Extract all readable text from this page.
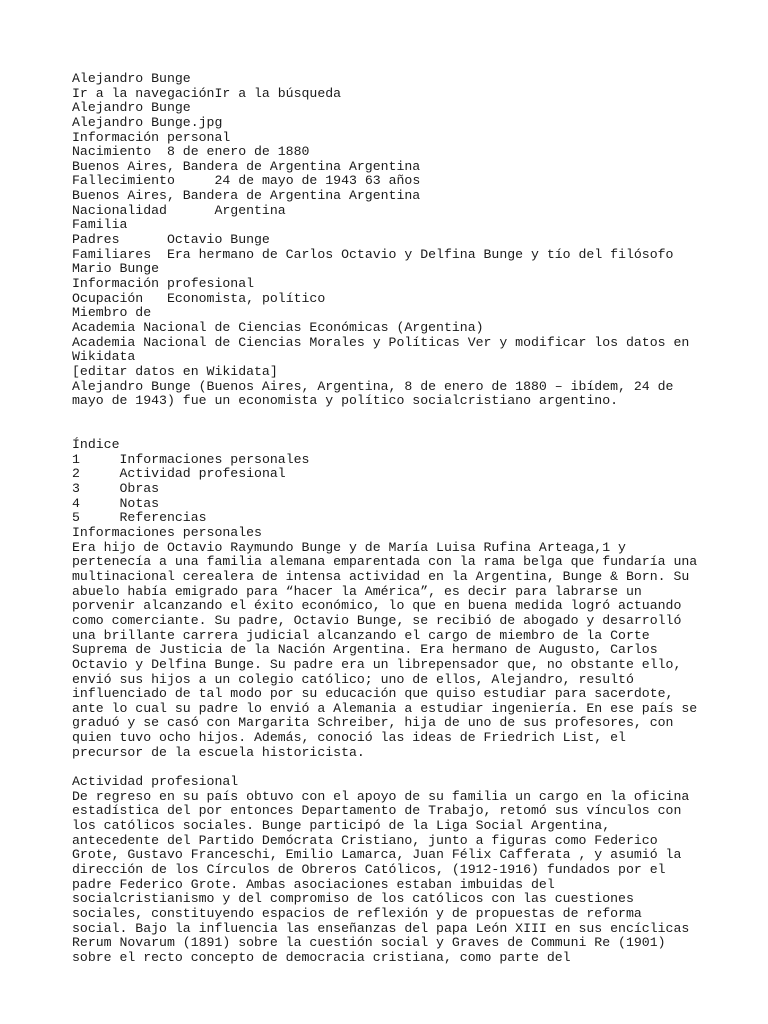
Alejandro Bunge
Ir a la navegaciónIr a la búsqueda
Alejandro Bunge
Alejandro Bunge.jpg
Información personal
Nacimiento 8 de enero de 1880
Buenos Aires, Bandera de Argentina Argentina
Fallecimiento	24 de mayo de 1943 63 años
Buenos Aires, Bandera de Argentina Argentina
Nacionalidad	Argentina
Familia
Padres	Octavio Bunge
Familiares Era hermano de Carlos Octavio y Delfina Bunge y tío del filósofo Mario Bunge
Información profesional
Ocupación Economista, político
Miembro de
Academia Nacional de Ciencias Económicas (Argentina)
Academia Nacional de Ciencias Morales y Políticas Ver y modificar los datos en Wikidata
[editar datos en Wikidata]
Alejandro Bunge (Buenos Aires, Argentina, 8 de enero de 1880 – ibídem, 24 de mayo de 1943) fue un economista y político socialcristiano argentino.
Índice
1	Informaciones personales
2	Actividad profesional
3	Obras
4	Notas
5	Referencias
Informaciones personales
Era hijo de Octavio Raymundo Bunge y de María Luisa Rufina Arteaga,1 y pertenecía a una familia alemana emparentada con la rama belga que fundaría una multinacional cerealera de intensa actividad en la Argentina, Bunge & Born. Su abuelo había emigrado para “hacer la América”, es decir para labrarse un porvenir alcanzando el éxito económico, lo que en buena medida logró actuando como comerciante. Su padre, Octavio Bunge, se recibió de abogado y desarrolló una brillante carrera judicial alcanzando el cargo de miembro de la Corte Suprema de Justicia de la Nación Argentina. Era hermano de Augusto, Carlos Octavio y Delfina Bunge. Su padre era un librepensador que, no obstante ello, envió sus hijos a un colegio católico; uno de ellos, Alejandro, resultó influenciado de tal modo por su educación que quiso estudiar para sacerdote, ante lo cual su padre lo envió a Alemania a estudiar ingeniería. En ese país se graduó y se casó con Margarita Schreiber, hija de uno de sus profesores, con quien tuvo ocho hijos. Además, conoció las ideas de Friedrich List, el precursor de la escuela historicista.
Actividad profesional
De regreso en su país obtuvo con el apoyo de su familia un cargo en la oficina estadística del por entonces Departamento de Trabajo, retomó sus vínculos con los católicos sociales. Bunge participó de la Liga Social Argentina, antecedente del Partido Demócrata Cristiano, junto a figuras como Federico Grote, Gustavo Franceschi, Emilio Lamarca, Juan Félix Cafferata , y asumió la dirección de los Círculos de Obreros Católicos, (1912-1916) fundados por el padre Federico Grote. Ambas asociaciones estaban imbuidas del socialcristianismo y del compromiso de los católicos con las cuestiones sociales, constituyendo espacios de reflexión y de propuestas de reforma social. Bajo la influencia las enseñanzas del papa León XIII en sus encíclicas Rerum Novarum (1891) sobre la cuestión social y Graves de Communi Re (1901) sobre el recto concepto de democracia cristiana, como parte del
